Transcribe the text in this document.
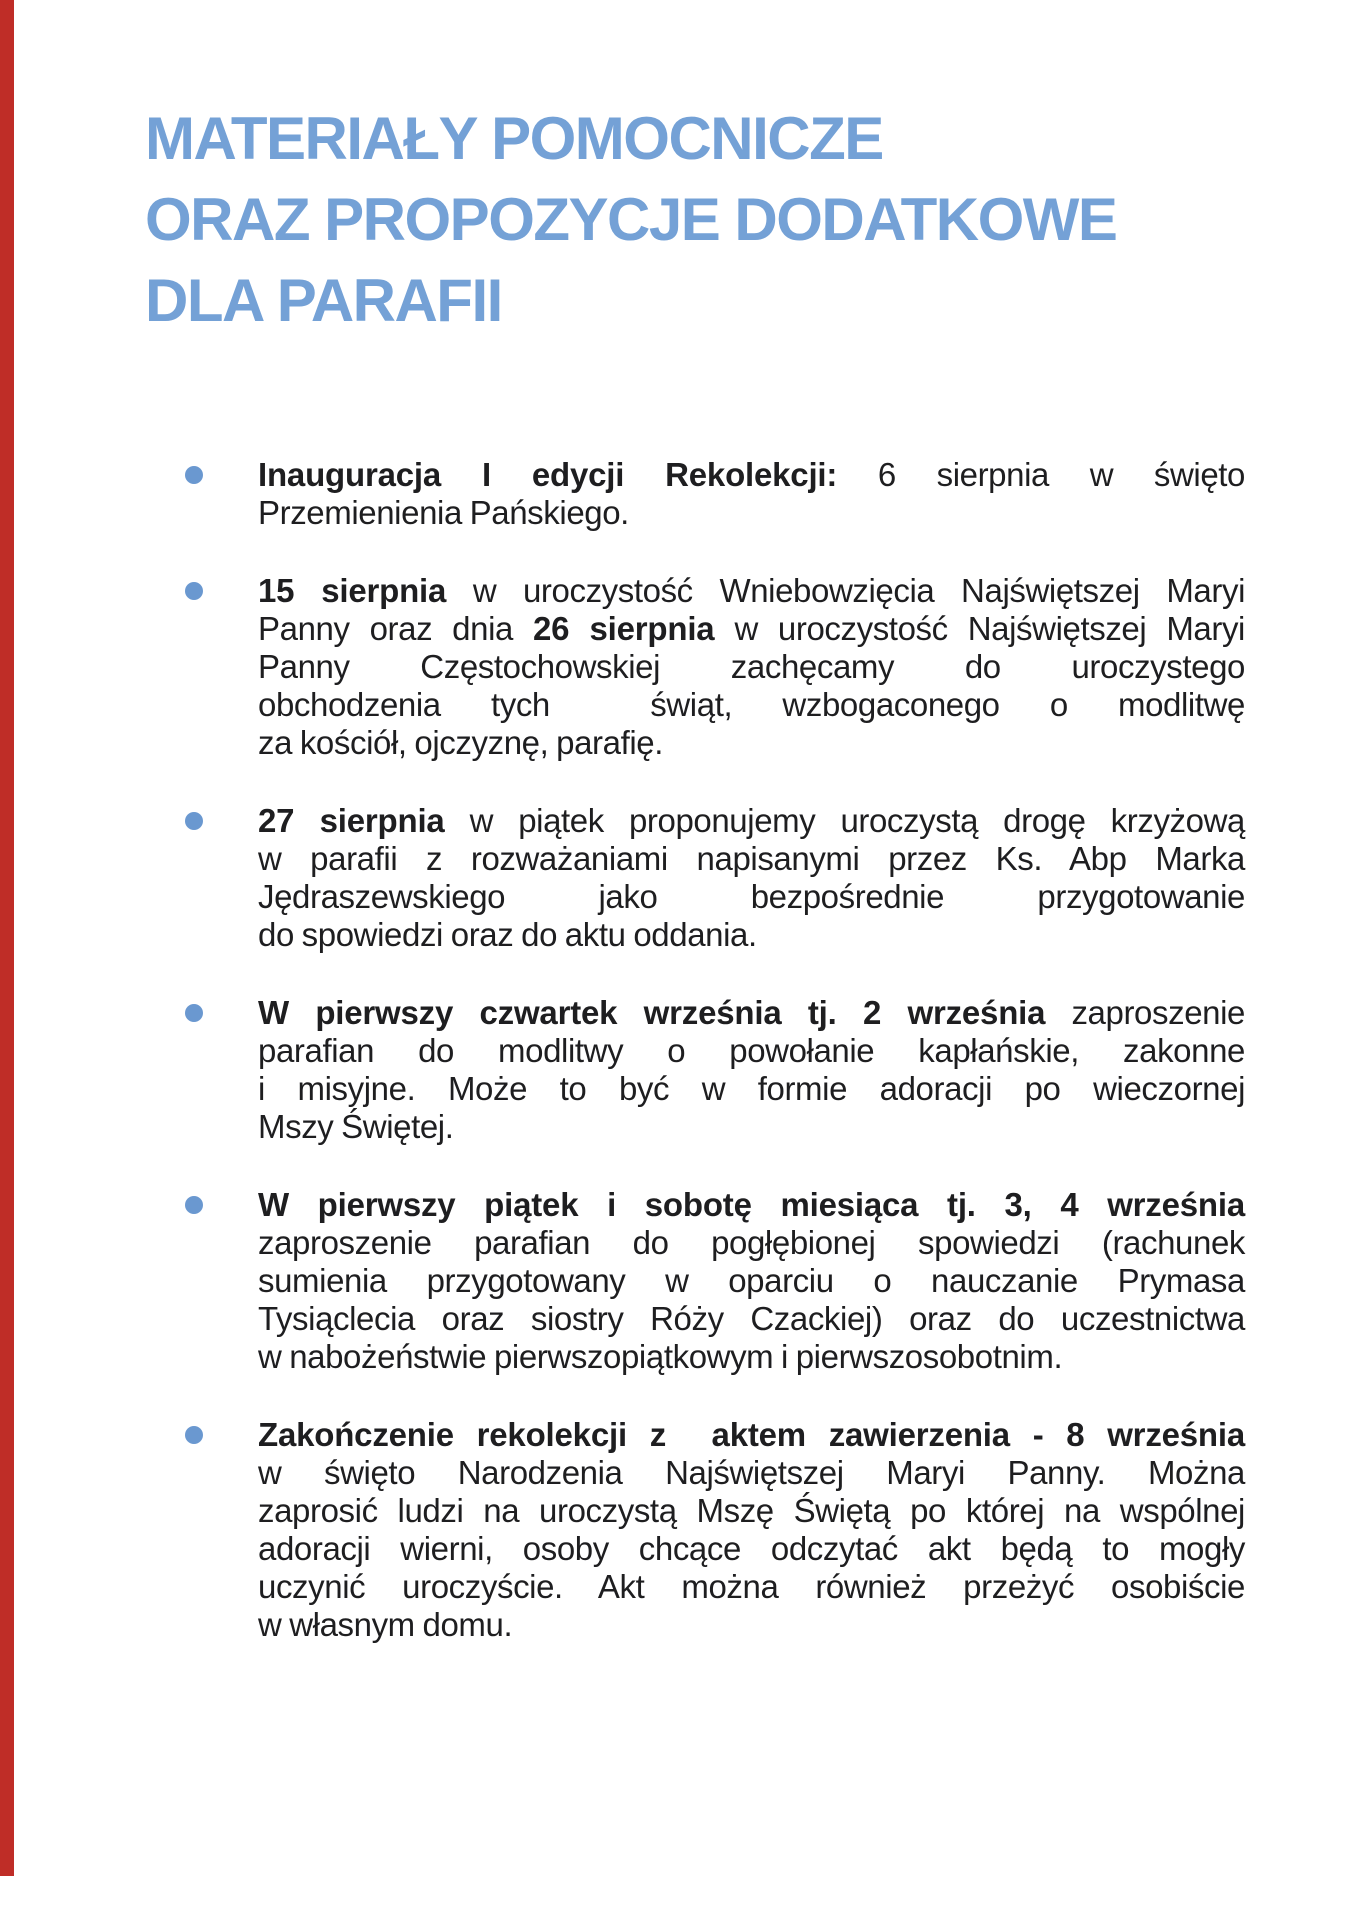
MATERIAŁY POMOCNICZE
ORAZ PROPOZYCJE DODATKOWE
DLA PARAFII
Inauguracja I edycji Rekolekcji: 6 sierpnia w święto
Przemienienia Pańskiego.
15 sierpnia w uroczystość Wniebowzięcia Najświętszej Maryi
Panny oraz dnia 26 sierpnia w uroczystość Najświętszej Maryi
Panny Częstochowskiej zachęcamy do uroczystego
obchodzenia tych  świąt, wzbogaconego o modlitwę
za kościół, ojczyznę, parafię.
27 sierpnia w piątek proponujemy uroczystą drogę krzyżową
w parafii z rozważaniami napisanymi przez Ks. Abp Marka
Jędraszewskiego jako bezpośrednie przygotowanie
do spowiedzi oraz do aktu oddania.
W pierwszy czwartek września tj. 2 września zaproszenie
parafian do modlitwy o powołanie kapłańskie, zakonne
i misyjne. Może to być w formie adoracji po wieczornej
Mszy Świętej.
W pierwszy piątek i sobotę miesiąca tj. 3, 4 września
zaproszenie parafian do pogłębionej spowiedzi (rachunek
sumienia przygotowany w oparciu o nauczanie Prymasa
Tysiąclecia oraz siostry Róży Czackiej) oraz do uczestnictwa
w nabożeństwie pierwszopiątkowym i pierwszosobotnim.
Zakończenie rekolekcji z  aktem zawierzenia - 8 września
w święto Narodzenia Najświętszej Maryi Panny. Można
zaprosić ludzi na uroczystą Mszę Świętą po której na wspólnej
adoracji wierni, osoby chcące odczytać akt będą to mogły
uczynić uroczyście. Akt można również przeżyć osobiście
w własnym domu.
